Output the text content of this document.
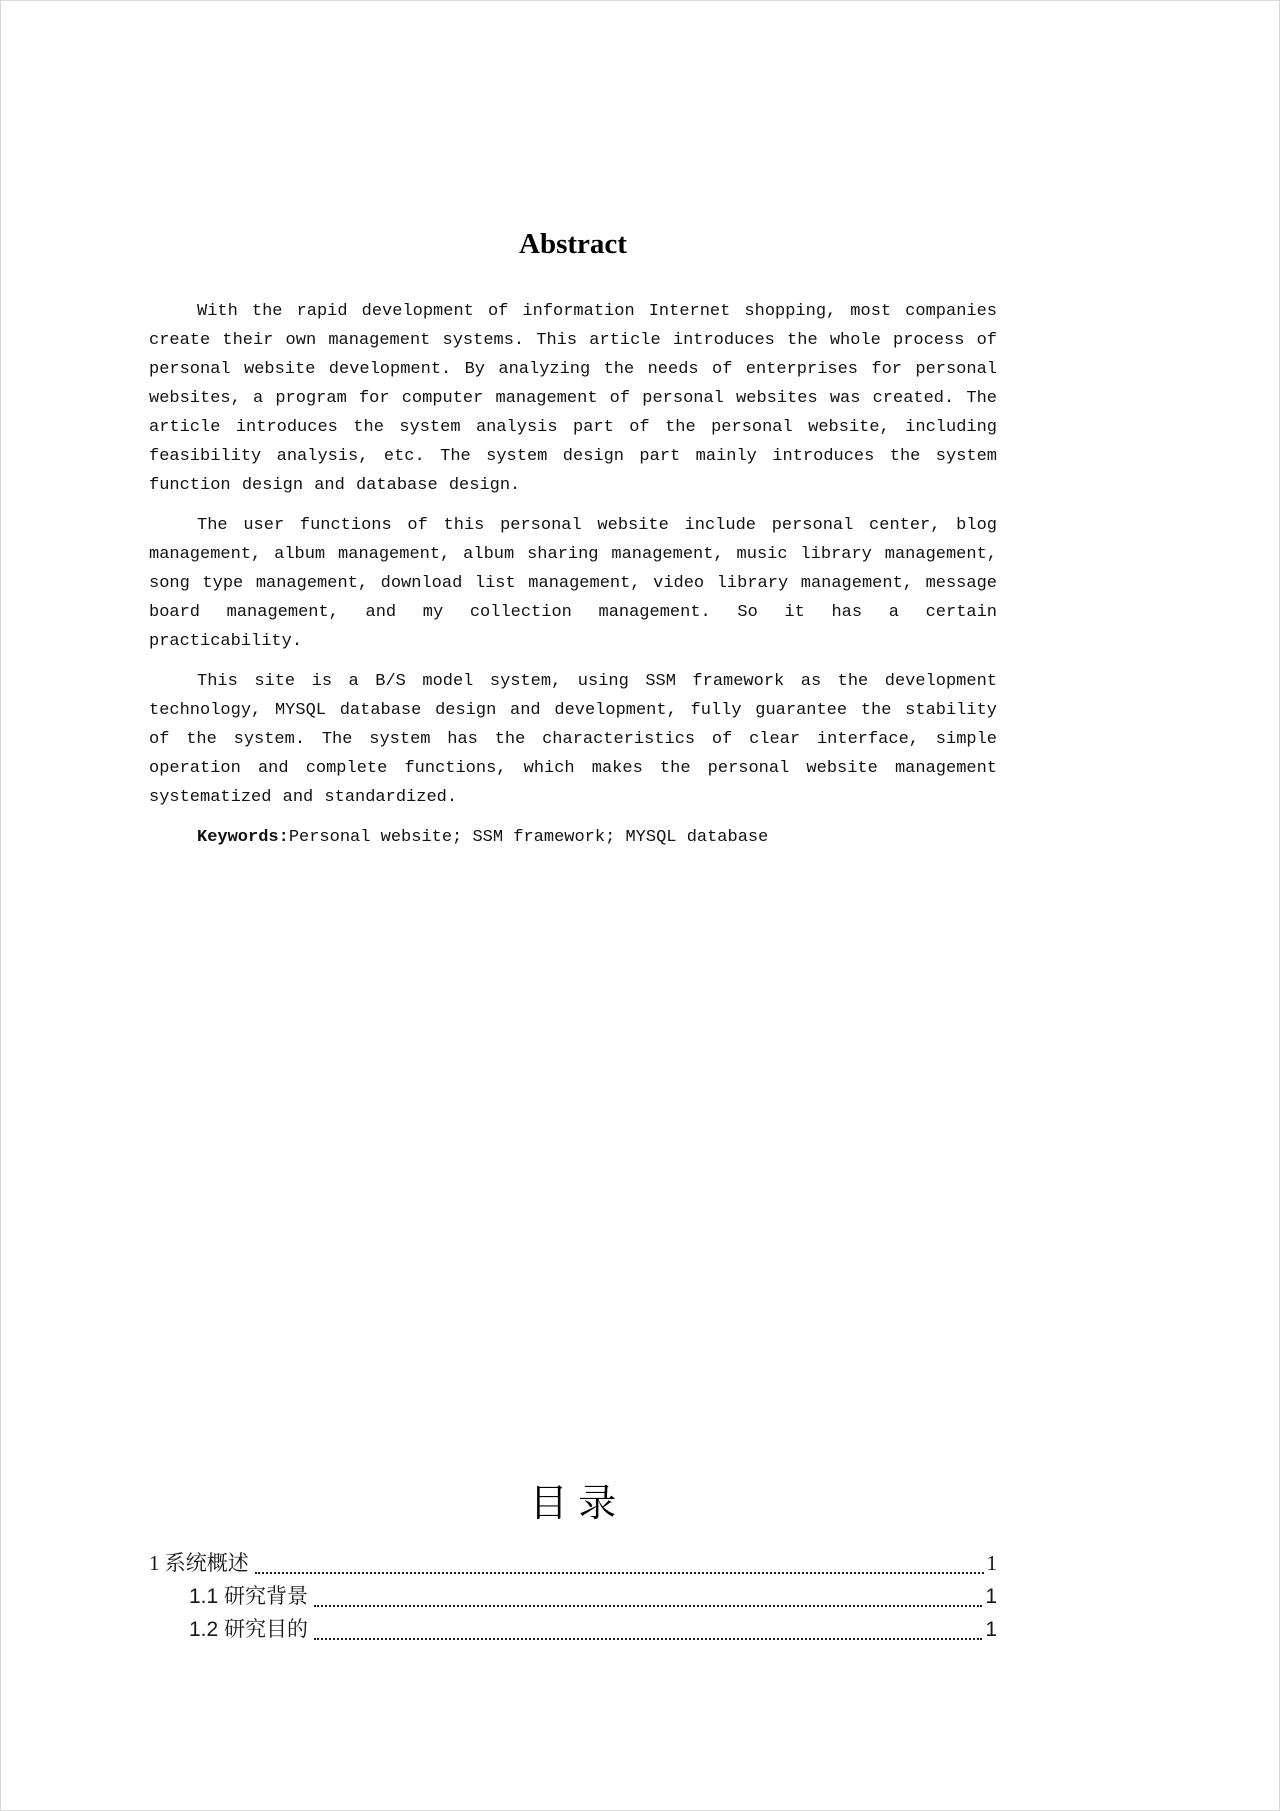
Abstract

With the rapid development of information Internet shopping, most companies create their own management systems. This article introduces the whole process of personal website development. By analyzing the needs of enterprises for personal websites, a program for computer management of personal websites was created. The article introduces the system analysis part of the personal website, including feasibility analysis, etc. The system design part mainly introduces the system function design and database design.

The user functions of this personal website include personal center, blog management, album management, album sharing management, music library management, song type management, download list management, video library management, message board management, and my collection management. So it has a certain practicability.

This site is a B/S model system, using SSM framework as the development technology, MYSQL database design and development, fully guarantee the stability of the system. The system has the characteristics of clear interface, simple operation and complete functions, which makes the personal website management systematized and standardized.

Keywords:Personal website; SSM framework; MYSQL database

目录
1 系统概述	1
1.1 研究背景	1
1.2 研究目的	1
